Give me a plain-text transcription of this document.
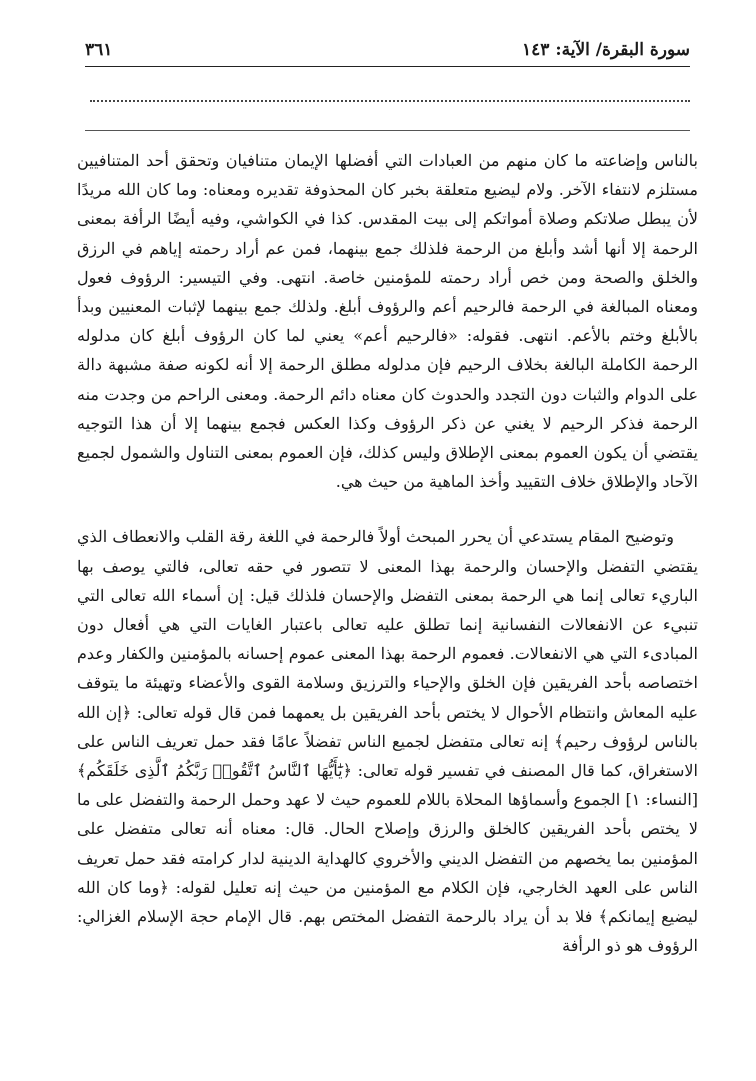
سورة البقرة/ الآية: ١٤٣
٣٦١

بالناس وإضاعته ما كان منهم من العبادات التي أفضلها الإيمان متنافيان وتحقق أحد المتنافيين مستلزم لانتفاء الآخر. ولام ليضيع متعلقة بخبر كان المحذوفة تقديره ومعناه: وما كان الله مريدًا لأن يبطل صلاتكم وصلاة أمواتكم إلى بيت المقدس. كذا في الكواشي، وفيه أيضًا الرأفة بمعنى الرحمة إلا أنها أشد وأبلغ من الرحمة فلذلك جمع بينهما، فمن عم أراد رحمته إياهم في الرزق والخلق والصحة ومن خص أراد رحمته للمؤمنين خاصة. انتهى. وفي التيسير: الرؤوف فعول ومعناه المبالغة في الرحمة فالرحيم أعم والرؤوف أبلغ. ولذلك جمع بينهما لإثبات المعنيين وبدأ بالأبلغ وختم بالأعم. انتهى. فقوله: «فالرحيم أعم» يعني لما كان الرؤوف أبلغ كان مدلوله الرحمة الكاملة البالغة بخلاف الرحيم فإن مدلوله مطلق الرحمة إلا أنه لكونه صفة مشبهة دالة على الدوام والثبات دون التجدد والحدوث كان معناه دائم الرحمة. ومعنى الراحم من وجدت منه الرحمة فذكر الرحيم لا يغني عن ذكر الرؤوف وكذا العكس فجمع بينهما إلا أن هذا التوجيه يقتضي أن يكون العموم بمعنى الإطلاق وليس كذلك، فإن العموم بمعنى التناول والشمول لجميع الآحاد والإطلاق خلاف التقييد وأخذ الماهية من حيث هي.

وتوضيح المقام يستدعي أن يحرر المبحث أولاً فالرحمة في اللغة رقة القلب والانعطاف الذي يقتضي التفضل والإحسان والرحمة بهذا المعنى لا تتصور في حقه تعالى، فالتي يوصف بها الباريء تعالى إنما هي الرحمة بمعنى التفضل والإحسان فلذلك قيل: إن أسماء الله تعالى التي تنبيء عن الانفعالات النفسانية إنما تطلق عليه تعالى باعتبار الغايات التي هي أفعال دون المبادىء التي هي الانفعالات. فعموم الرحمة بهذا المعنى عموم إحسانه بالمؤمنين والكفار وعدم اختصاصه بأحد الفريقين فإن الخلق والإحياء والترزيق وسلامة القوى والأعضاء وتهيئة ما يتوقف عليه المعاش وانتظام الأحوال لا يختص بأحد الفريقين بل يعمهما فمن قال قوله تعالى: ﴿إن الله بالناس لرؤوف رحيم﴾ إنه تعالى متفضل لجميع الناس تفضلاً عامًا فقد حمل تعريف الناس على الاستغراق، كما قال المصنف في تفسير قوله تعالى: ﴿يَٰٓأَيُّهَا ٱلنَّاسُ ٱتَّقُوا۟ رَبَّكُمُ ٱلَّذِى خَلَقَكُم﴾ [النساء: ١] الجموع وأسماؤها المحلاة باللام للعموم حيث لا عهد وحمل الرحمة والتفضل على ما لا يختص بأحد الفريقين كالخلق والرزق وإصلاح الحال. قال: معناه أنه تعالى متفضل على المؤمنين بما يخصهم من التفضل الديني والأخروي كالهداية الدينية لدار كرامته فقد حمل تعريف الناس على العهد الخارجي، فإن الكلام مع المؤمنين من حيث إنه تعليل لقوله: ﴿وما كان الله ليضيع إيمانكم﴾ فلا بد أن يراد بالرحمة التفضل المختص بهم. قال الإمام حجة الإسلام الغزالي: الرؤوف هو ذو الرأفة
